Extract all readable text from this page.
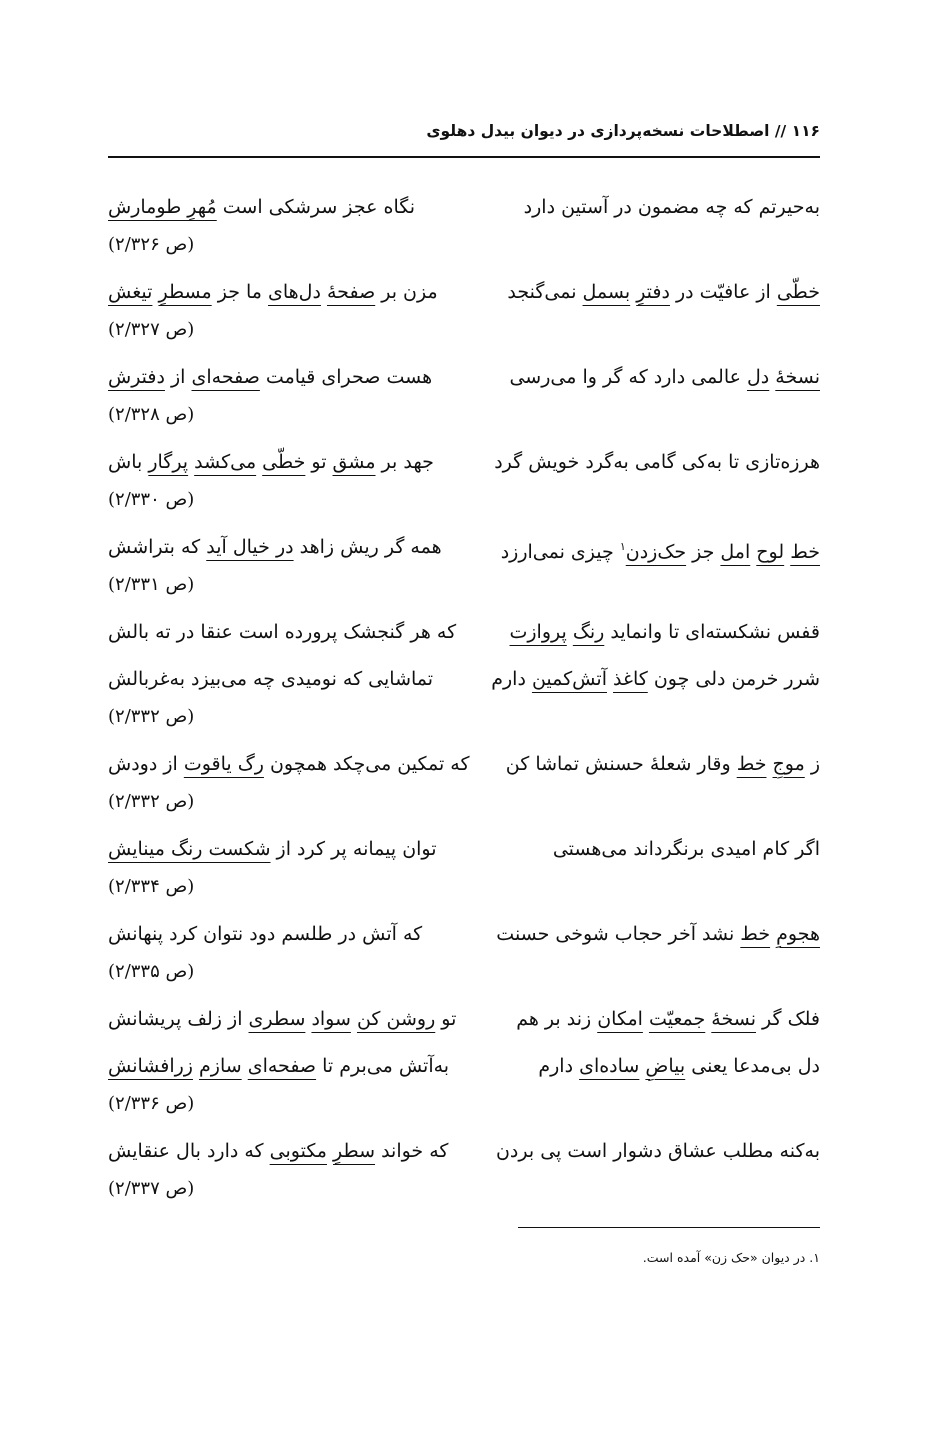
۱۱۶ // اصطلاحات نسخه‌پردازی در دیوان بیدل دهلوی
به‌حیرتم که چه مضمون در آستین دارد
نگاه عجز سرشکی است مُهرِ طومارش
(ص ۲/۳۲۶)
خطّی از عافیّت در دفترِ بسمل نمی‌گنجد
مزن بر صفحهٔ دل‌های ما جز مسطرِ تیغش
(ص ۲/۳۲۷)
نسخهٔ دل عالمی دارد که گر وا می‌رسی
هست صحرای قیامت صفحه‌ای از دفترش
(ص ۲/۳۲۸)
هرزه‌تازی تا به‌کی گامی به‌گرد خویش گرد
جهد بر مشق تو خطّی می‌کشد پرگار باش
(ص ۲/۳۳۰)
خط لوح امل جز حک‌زدن$^۱$ چیزی نمی‌ارزد
همه گر ریش زاهد در خیال آید که بتراشش
(ص ۲/۳۳۱)
قفس نشکسته‌ای تا وانماید رنگ پروازت
که هر گنجشک پرورده است عنقا در ته بالش
شرر خرمن دلی چون کاغذ آتش‌کمین دارم
تماشایی که نومیدی چه می‌بیزد به‌غربالش
(ص ۲/۳۳۲)
ز موجِ خط وقار شعلهٔ حسنش تماشا کن
که تمکین می‌چکد همچون رگ یاقوت از دودش
(ص ۲/۳۳۲)
اگر کام امیدی برنگرداند می‌هستی
توان پیمانه پر کرد از شکست رنگ مینایش
(ص ۲/۳۳۴)
هجومِ خط نشد آخر حجاب شوخی حسنت
که آتش در طلسم دود نتوان کرد پنهانش
(ص ۲/۳۳۵)
فلک گر نسخهٔ جمعیّت امکان زند بر هم
تو روشن کن سواد سطری از زلف پریشانش
دل بی‌مدعا یعنی بیاضِ ساده‌ای دارم
به‌آتش می‌برم تا صفحه‌ای سازم زرافشانش
(ص ۲/۳۳۶)
به‌کنه مطلب عشاق دشوار است پی بردن
که خواند سطرِ مکتوبی که دارد بال عنقایش
(ص ۲/۳۳۷)
۱. در دیوان «حک زن» آمده است.
